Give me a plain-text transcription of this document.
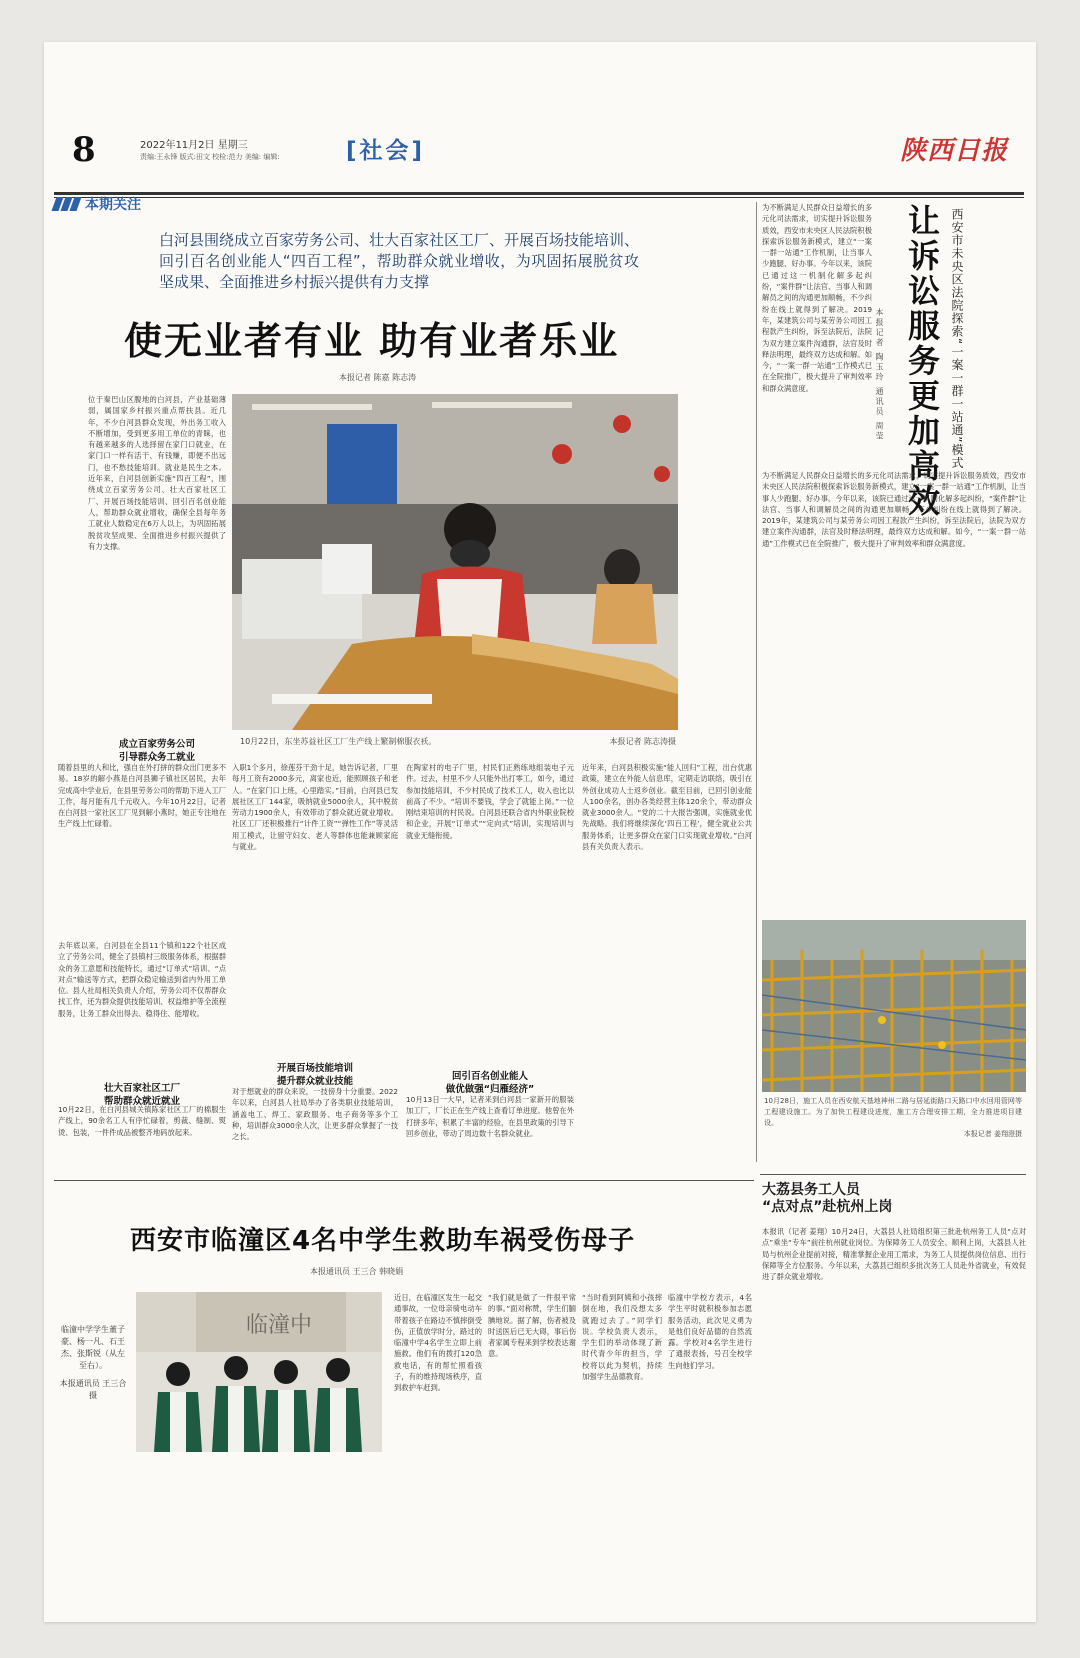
8	2022年11月2日 星期三
责编:王永锋 版式:田文 校检:范力 美编: 编辑:	[社会]	陕西日报
本期关注
白河县围绕成立百家劳务公司、壮大百家社区工厂、开展百场技能培训、回引百名创业能人“四百工程”，帮助群众就业增收，为巩固拓展脱贫攻坚成果、全面推进乡村振兴提供有力支撑
使无业者有业 助有业者乐业
本报记者 陈嘉 陈志涛
10月22日，东坐苏益社区工厂生产线上繁制棉服衣袄。	本报记者 陈志涛摄
位于秦巴山区腹地的白河县，产业基础薄弱，属国家乡村振兴重点帮扶县。近几年，不少白河县群众发现，外出务工收入不断增加，受到更多用工单位的青睐，也有越来越多的人选择留在家门口就业，在家门口一样有活干、有钱赚，即便不出远门，也不愁技能培训。就业是民生之本。近年来，白河县创新实施“四百工程”，围绕成立百家劳务公司、壮大百家社区工厂、开展百场技能培训、回引百名创业能人，帮助群众就业增收，确保全县每年务工就业人数稳定在6万人以上，为巩固拓展脱贫攻坚成果、全面推进乡村振兴提供了有力支撑。
成立百家劳务公司
引导群众务工就业
随着县里的人和比，强自在外打拼的群众出门更多不易。18岁的解小燕是白河县狮子镇社区居民，去年完成高中学业后，在县里劳务公司的帮助下进入工厂工作，每月能有几千元收入。今年10月22日，记者在白河县一家社区工厂见到解小燕时，她正专注地在生产线上忙碌着。
去年底以来，白河县在全县11个镇和122个社区成立了劳务公司，健全了县镇村三级服务体系，根据群众的务工意愿和技能特长，通过“订单式”培训、“点对点”输送等方式，把群众稳定输送到省内外用工单位。县人社局相关负责人介绍，劳务公司不仅帮群众找工作，还为群众提供技能培训、权益维护等全流程服务，让务工群众出得去、稳得住、能增收。
壮大百家社区工厂
帮助群众就近就业
10月22日，在白河县城关镇陈家社区工厂的棉服生产线上，90余名工人有序忙碌着，剪裁、缝制、熨烫、包装，一件件成品被整齐地码放起来。
入职1个多月，徐莲芬干劲十足，她告诉记者，厂里每月工资有2000多元，离家也近，能照顾孩子和老人。“在家门口上班，心里踏实。”目前，白河县已发展社区工厂144家，吸纳就业5000余人，其中脱贫劳动力1900余人，有效带动了群众就近就业增收。社区工厂还积极推行“计件工资”“弹性工作”等灵活用工模式，让留守妇女、老人等群体也能兼顾家庭与就业。
开展百场技能培训
提升群众就业技能
对于想就业的群众来说，一技傍身十分重要。2022年以来，白河县人社局举办了各类职业技能培训，涵盖电工、焊工、家政服务、电子商务等多个工种，培训群众3000余人次，让更多群众掌握了一技之长。
在陶家村的电子厂里，村民们正熟练地组装电子元件。过去，村里不少人只能外出打零工，如今，通过参加技能培训，不少村民成了技术工人，收入也比以前高了不少。“培训不要钱，学会了就能上岗。”一位刚结束培训的村民说。白河县还联合省内外职业院校和企业，开展“订单式”“定向式”培训，实现培训与就业无缝衔接。
回引百名创业能人
做优做强“归雁经济”
10月13日一大早，记者来到白河县一家新开的服装加工厂，厂长正在生产线上查看订单进度。他曾在外打拼多年，积累了丰富的经验，在县里政策的引导下回乡创业，带动了周边数十名群众就业。
近年来，白河县积极实施“能人回归”工程，出台优惠政策，建立在外能人信息库，定期走访联络，吸引在外创业成功人士返乡创业。截至目前，已回引创业能人100余名，创办各类经营主体120余个，带动群众就业3000余人。“党的二十大报告强调，实施就业优先战略。我们将继续深化‘四百工程’，健全就业公共服务体系，让更多群众在家门口实现就业增收。”白河县有关负责人表示。
让诉讼服务更加高效 西安市未央区法院探索“一案一群一站通”模式
本报记者 陶玉玲 通讯员 周莹
为不断满足人民群众日益增长的多元化司法需求，切实提升诉讼服务质效，西安市未央区人民法院积极探索诉讼服务新模式，建立“一案一群一站通”工作机制，让当事人少跑腿、好办事。今年以来，该院已通过这一机制化解多起纠纷，“案件群”让法官、当事人和调解员之间的沟通更加顺畅，不少纠纷在线上就得到了解决。2019年，某建筑公司与某劳务公司因工程款产生纠纷，诉至法院后，法院为双方建立案件沟通群，法官及时释法明理，最终双方达成和解。如今，“一案一群一站通”工作模式已在全院推广，极大提升了审判效率和群众满意度。
为不断满足人民群众日益增长的多元化司法需求，切实提升诉讼服务质效，西安市未央区人民法院积极探索诉讼服务新模式，建立“一案一群一站通”工作机制，让当事人少跑腿、好办事。今年以来，该院已通过这一机制化解多起纠纷，“案件群”让法官、当事人和调解员之间的沟通更加顺畅，不少纠纷在线上就得到了解决。2019年，某建筑公司与某劳务公司因工程款产生纠纷，诉至法院后，法院为双方建立案件沟通群，法官及时释法明理，最终双方达成和解。如今，“一案一群一站通”工作模式已在全院推广，极大提升了审判效率和群众满意度。
10月28日，施工人员在西安航天基地神州二路与居延街路口天路口中水回用管网等工程建设施工。为了加快工程建设进度，施工方合理安排工期，全力推进项目建设。
本报记者 姜翔澄摄
大荔县务工人员
“点对点”赴杭州上岗
本报讯（记者 姜翔）10月24日，大荔县人社局组织第三批赴杭州务工人员“点对点”乘坐“专车”前往杭州就业岗位。为保障务工人员安全、顺利上岗，大荔县人社局与杭州企业提前对接，精准掌握企业用工需求，为务工人员提供岗位信息、出行保障等全方位服务。今年以来，大荔县已组织多批次务工人员赴外省就业，有效促进了群众就业增收。
西安市临潼区4名中学生救助车祸受伤母子
本报通讯员 王三合 韩晓娟
临潼中
临潼中学学生董子豪、杨一凡、石王杰、张斯锐（从左至右）。
本报通讯员 王三合摄
近日，在临潼区发生一起交通事故，一位母亲骑电动车带着孩子在路边不慎摔倒受伤，正值放学时分，路过的临潼中学4名学生立即上前施救。他们有的拨打120急救电话，有的帮忙照看孩子，有的维持现场秩序，直到救护车赶到。
“我们就是做了一件很平常的事。”面对称赞，学生们腼腆地说。据了解，伤者被及时送医后已无大碍，事后伤者家属专程来到学校表达谢意。
“当时看到阿姨和小孩摔倒在地，我们没想太多就跑过去了。”同学们说。学校负责人表示，学生们的举动体现了新时代青少年的担当，学校将以此为契机，持续加强学生品德教育。
临潼中学校方表示，4名学生平时就积极参加志愿服务活动，此次见义勇为是他们良好品德的自然流露。学校对4名学生进行了通报表扬，号召全校学生向他们学习。
